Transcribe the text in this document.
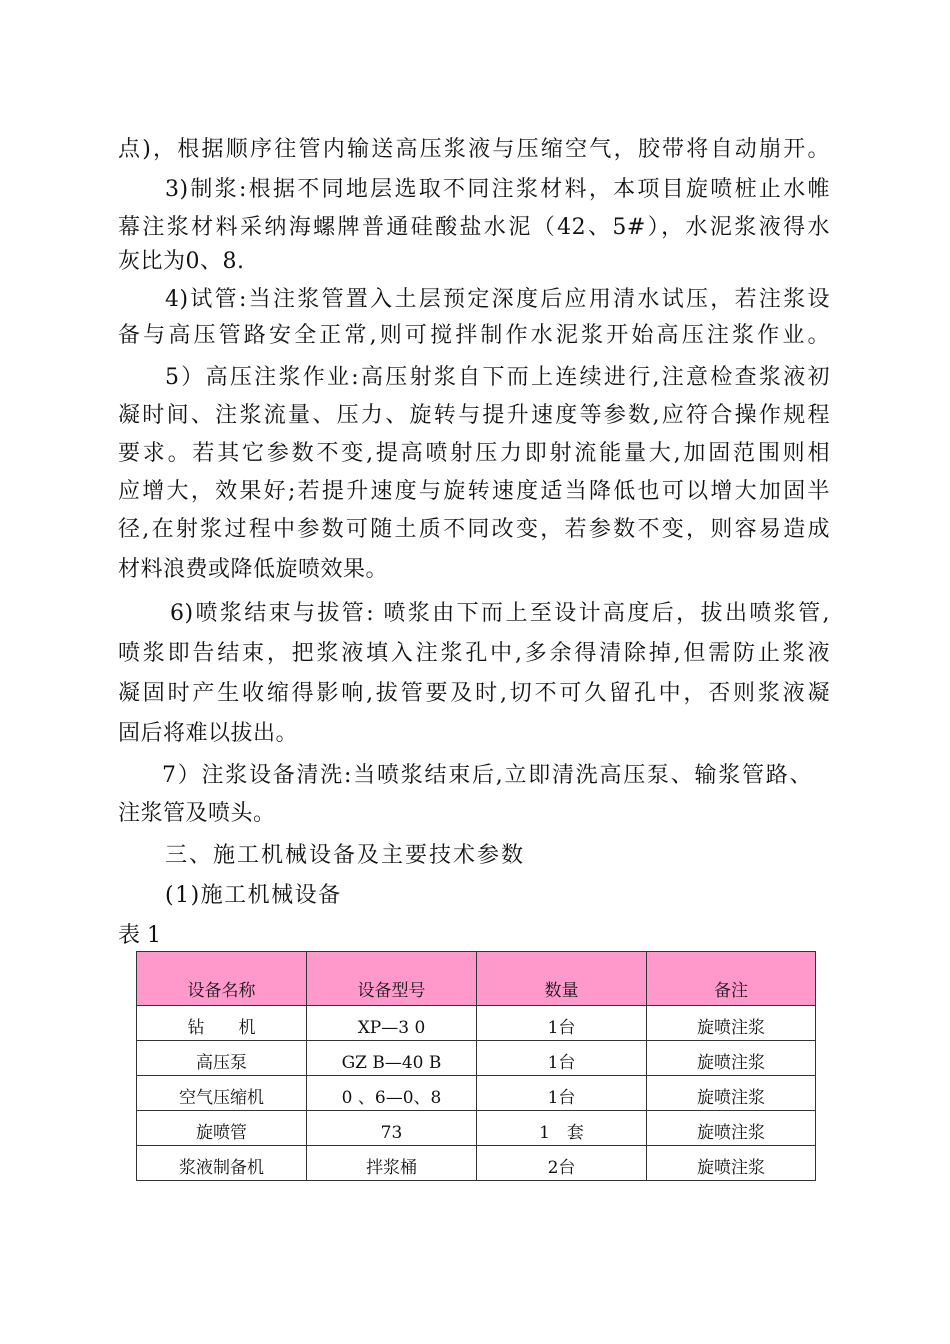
点)，根据顺序往管内输送高压浆液与压缩空气，胶带将自动崩开。
3)制浆:根据不同地层选取不同注浆材料，本项目旋喷桩止水帷
幕注浆材料采纳海螺牌普通硅酸盐水泥（42、5#），水泥浆液得水
灰比为0、8.
4)试管:当注浆管置入土层预定深度后应用清水试压，若注浆设
备与高压管路安全正常,则可搅拌制作水泥浆开始高压注浆作业。
5）高压注浆作业:高压射浆自下而上连续进行,注意检查浆液初
凝时间、注浆流量、压力、旋转与提升速度等参数,应符合操作规程
要求。若其它参数不变,提高喷射压力即射流能量大,加固范围则相
应增大，效果好;若提升速度与旋转速度适当降低也可以增大加固半
径,在射浆过程中参数可随土质不同改变，若参数不变，则容易造成
材料浪费或降低旋喷效果。
6)喷浆结束与拔管: 喷浆由下而上至设计高度后，拔出喷浆管,
喷浆即告结束，把浆液填入注浆孔中,多余得清除掉,但需防止浆液
凝固时产生收缩得影响,拔管要及时,切不可久留孔中，否则浆液凝
固后将难以拔出。
7）注浆设备清洗:当喷浆结束后,立即清洗高压泵、输浆管路、
注浆管及喷头。
三、施工机械设备及主要技术参数
(1)施工机械设备
表 1
设备名称	设备型号	数量	备注
钻　　机	XP—3 0	1台	旋喷注浆
高压泵	GZ B—40 B	1台	旋喷注浆
空气压缩机	0 、6—0、8	1台	旋喷注浆
旋喷管	73	1　套	旋喷注浆
浆液制备机	拌浆桶	2台	旋喷注浆
